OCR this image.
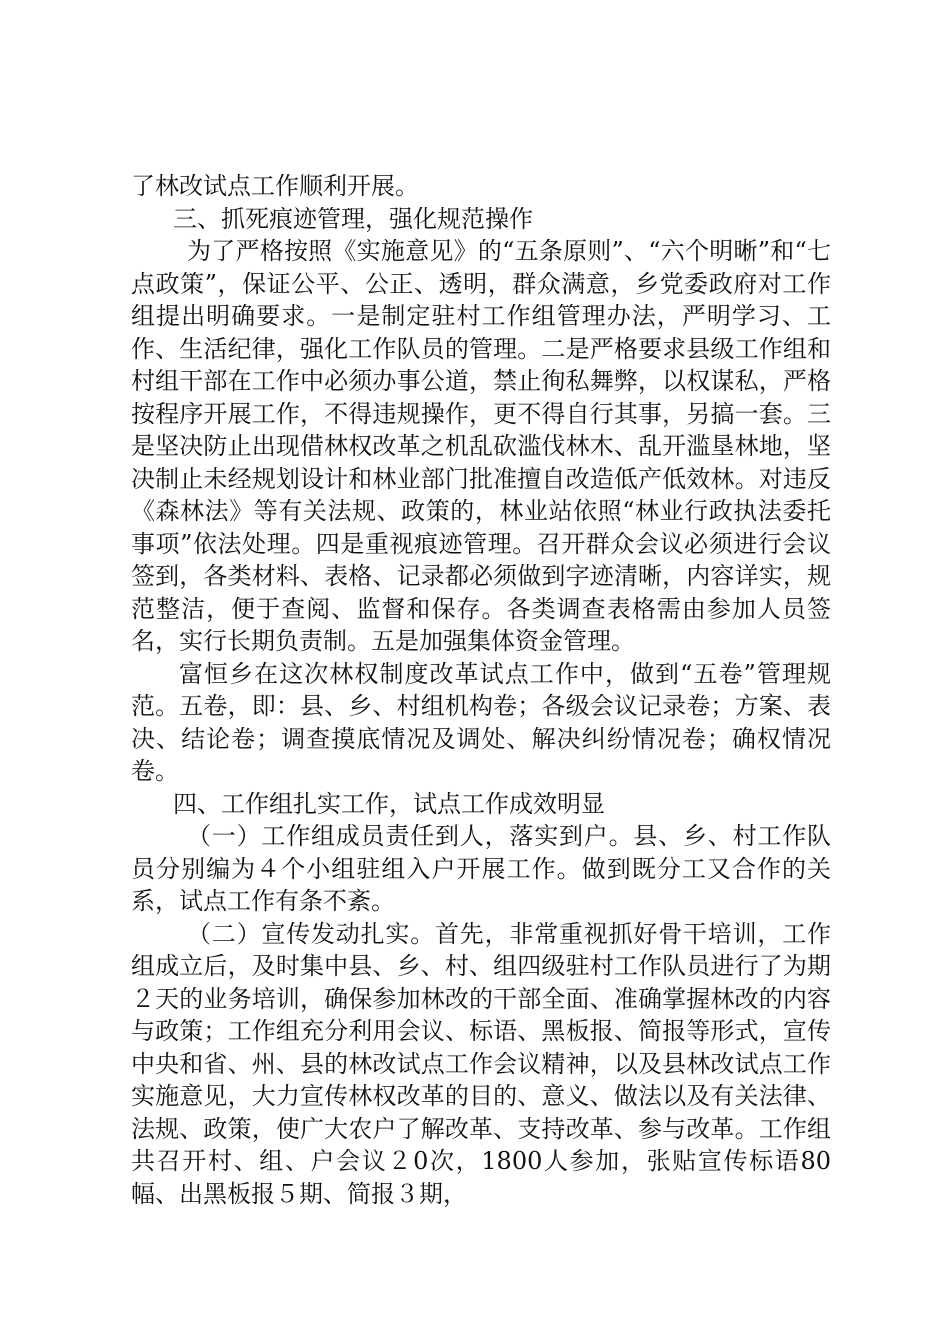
了林改试点工作顺利开展。

三、抓死痕迹管理，强化规范操作

为了严格按照《实施意见》的“五条原则”、“六个明晰”和“七点政策”，保证公平、公正、透明，群众满意，乡党委政府对工作组提出明确要求。一是制定驻村工作组管理办法，严明学习、工作、生活纪律，强化工作队员的管理。二是严格要求县级工作组和村组干部在工作中必须办事公道，禁止徇私舞弊，以权谋私，严格按程序开展工作，不得违规操作，更不得自行其事，另搞一套。三是坚决防止出现借林权改革之机乱砍滥伐林木、乱开滥垦林地，坚决制止未经规划设计和林业部门批准擅自改造低产低效林。对违反《森林法》等有关法规、政策的，林业站依照“林业行政执法委托事项”依法处理。四是重视痕迹管理。召开群众会议必须进行会议签到，各类材料、表格、记录都必须做到字迹清晰，内容详实，规范整洁，便于查阅、监督和保存。各类调查表格需由参加人员签名，实行长期负责制。五是加强集体资金管理。

富恒乡在这次林权制度改革试点工作中，做到“五卷”管理规范。五卷，即：县、乡、村组机构卷；各级会议记录卷；方案、表决、结论卷；调查摸底情况及调处、解决纠纷情况卷；确权情况卷。

四、工作组扎实工作，试点工作成效明显

（一）工作组成员责任到人，落实到户。县、乡、村工作队员分别编为４个小组驻组入户开展工作。做到既分工又合作的关系，试点工作有条不紊。

（二）宣传发动扎实。首先，非常重视抓好骨干培训，工作组成立后，及时集中县、乡、村、组四级驻村工作队员进行了为期２天的业务培训，确保参加林改的干部全面、准确掌握林改的内容与政策；工作组充分利用会议、标语、黑板报、简报等形式，宣传中央和省、州、县的林改试点工作会议精神，以及县林改试点工作实施意见，大力宣传林权改革的目的、意义、做法以及有关法律、法规、政策，使广大农户了解改革、支持改革、参与改革。工作组共召开村、组、户会议２0次，1800人参加，张贴宣传标语80幅、出黑板报５期、简报３期，
